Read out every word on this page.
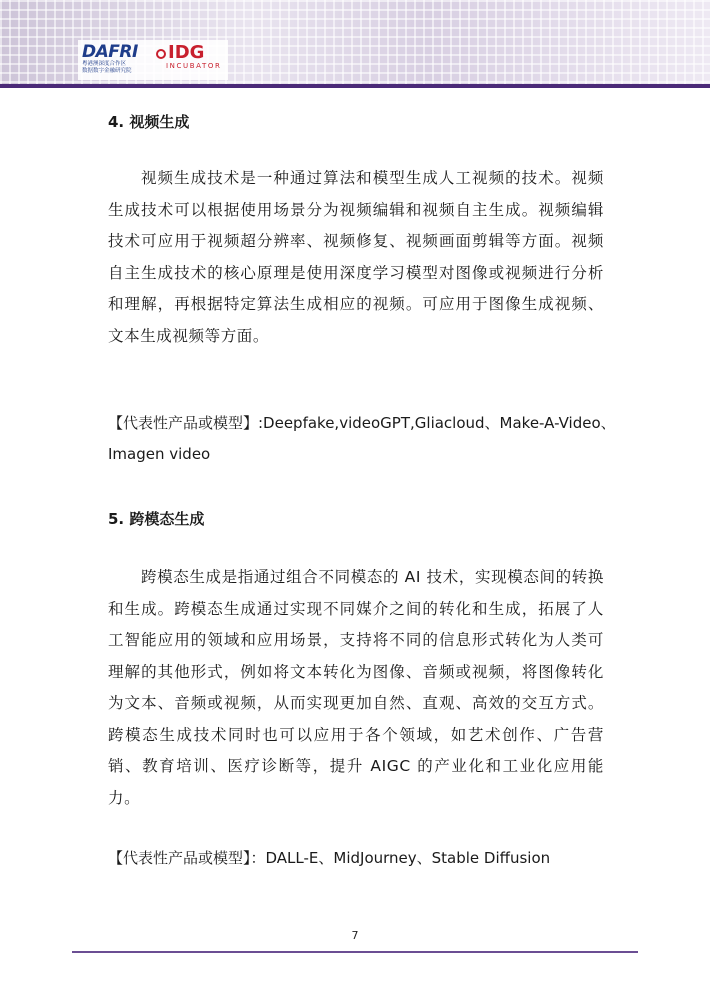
DAFRI
粤港澳深度合作区
数据数字金融研究院
IDG
INCUBATOR
4. 视频生成

视频生成技术是一种通过算法和模型生成人工视频的技术。视频生成技术可以根据使用场景分为视频编辑和视频自主生成。视频编辑技术可应用于视频超分辨率、视频修复、视频画面剪辑等方面。视频自主生成技术的核心原理是使用深度学习模型对图像或视频进行分析和理解，再根据特定算法生成相应的视频。可应用于图像生成视频、文本生成视频等方面。

【代表性产品或模型】:Deepfake,videoGPT,Gliacloud、Make-A-Video、Imagen video

5. 跨模态生成

跨模态生成是指通过组合不同模态的 AI 技术，实现模态间的转换和生成。跨模态生成通过实现不同媒介之间的转化和生成，拓展了人工智能应用的领域和应用场景，支持将不同的信息形式转化为人类可理解的其他形式，例如将文本转化为图像、音频或视频，将图像转化为文本、音频或视频，从而实现更加自然、直观、高效的交互方式。跨模态生成技术同时也可以应用于各个领域，如艺术创作、广告营销、教育培训、医疗诊断等，提升 AIGC 的产业化和工业化应用能力。

【代表性产品或模型】：DALL-E、MidJourney、Stable Diffusion

7
